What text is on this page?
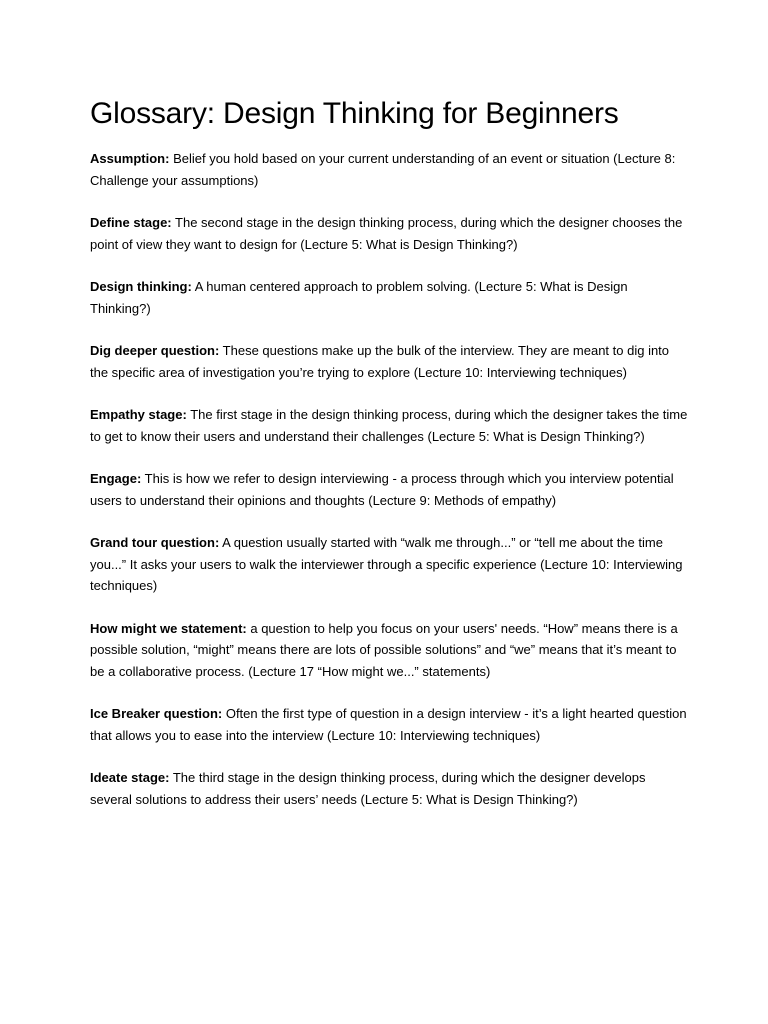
Glossary: Design Thinking for Beginners

Assumption: Belief you hold based on your current understanding of an event or situation (Lecture 8: Challenge your assumptions)

Define stage: The second stage in the design thinking process, during which the designer chooses the point of view they want to design for (Lecture 5: What is Design Thinking?)

Design thinking: A human centered approach to problem solving. (Lecture 5: What is Design Thinking?)

Dig deeper question: These questions make up the bulk of the interview. They are meant to dig into the specific area of investigation you’re trying to explore (Lecture 10: Interviewing techniques)

Empathy stage: The first stage in the design thinking process, during which the designer takes the time to get to know their users and understand their challenges (Lecture 5: What is Design Thinking?)

Engage: This is how we refer to design interviewing - a process through which you interview potential users to understand their opinions and thoughts (Lecture 9: Methods of empathy)

Grand tour question: A question usually started with “walk me through...” or “tell me about the time you...” It asks your users to walk the interviewer through a specific experience (Lecture 10: Interviewing techniques)

How might we statement: a question to help you focus on your users' needs. “How” means there is a possible solution, “might” means there are lots of possible solutions” and “we” means that it’s meant to be a collaborative process. (Lecture 17 “How might we...” statements)

Ice Breaker question: Often the first type of question in a design interview - it’s a light hearted question that allows you to ease into the interview (Lecture 10: Interviewing techniques)

Ideate stage: The third stage in the design thinking process, during which the designer develops several solutions to address their users’ needs (Lecture 5: What is Design Thinking?)
